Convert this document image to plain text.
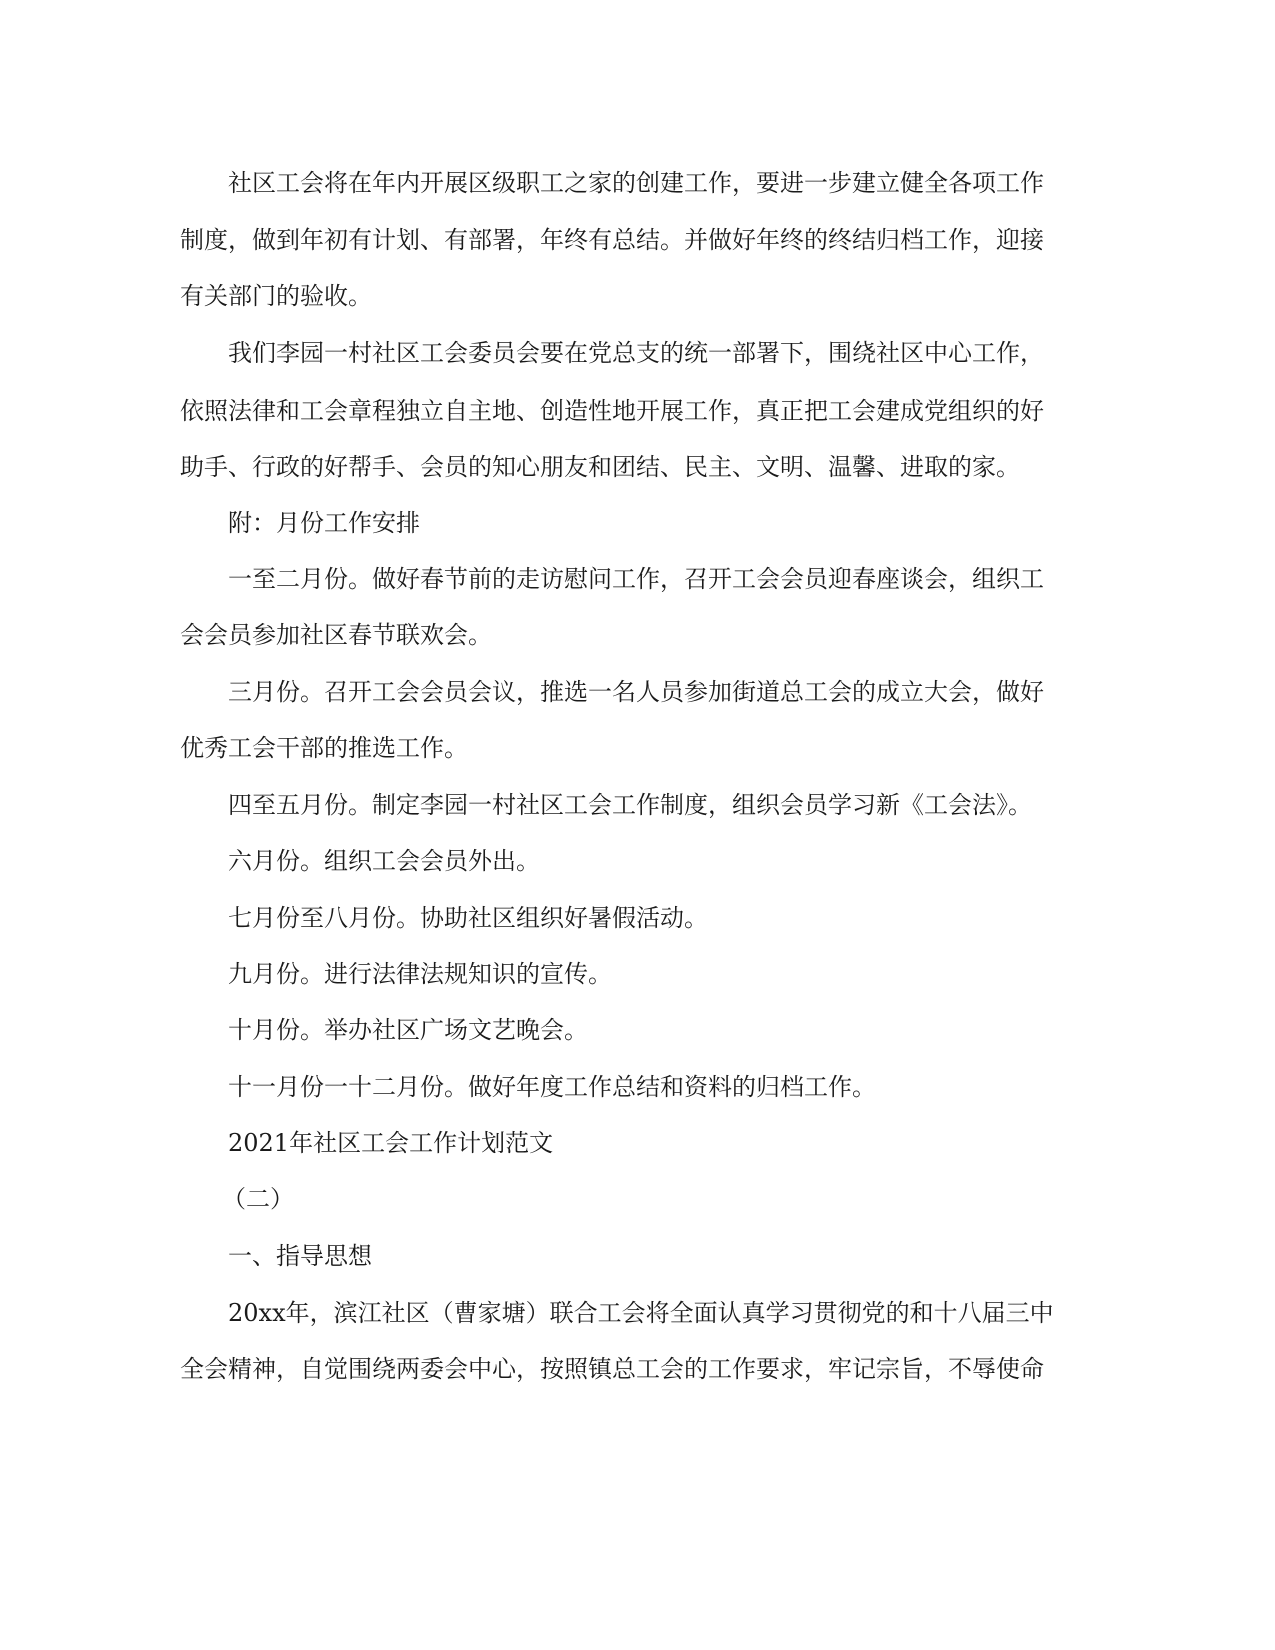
社区工会将在年内开展区级职工之家的创建工作，要进一步建立健全各项工作
制度，做到年初有计划、有部署，年终有总结。并做好年终的终结归档工作，迎接
有关部门的验收。
我们李园一村社区工会委员会要在党总支的统一部署下，围绕社区中心工作，
依照法律和工会章程独立自主地、创造性地开展工作，真正把工会建成党组织的好
助手、行政的好帮手、会员的知心朋友和团结、民主、文明、温馨、进取的家。
附：月份工作安排
一至二月份。做好春节前的走访慰问工作，召开工会会员迎春座谈会，组织工
会会员参加社区春节联欢会。
三月份。召开工会会员会议，推选一名人员参加街道总工会的成立大会，做好
优秀工会干部的推选工作。
四至五月份。制定李园一村社区工会工作制度，组织会员学习新《工会法》。
六月份。组织工会会员外出。
七月份至八月份。协助社区组织好暑假活动。
九月份。进行法律法规知识的宣传。
十月份。举办社区广场文艺晚会。
十一月份一十二月份。做好年度工作总结和资料的归档工作。
2021年社区工会工作计划范文
（二）
一、指导思想
20xx年，滨江社区（曹家塘）联合工会将全面认真学习贯彻党的和十八届三中
全会精神，自觉围绕两委会中心，按照镇总工会的工作要求，牢记宗旨，不辱使命
